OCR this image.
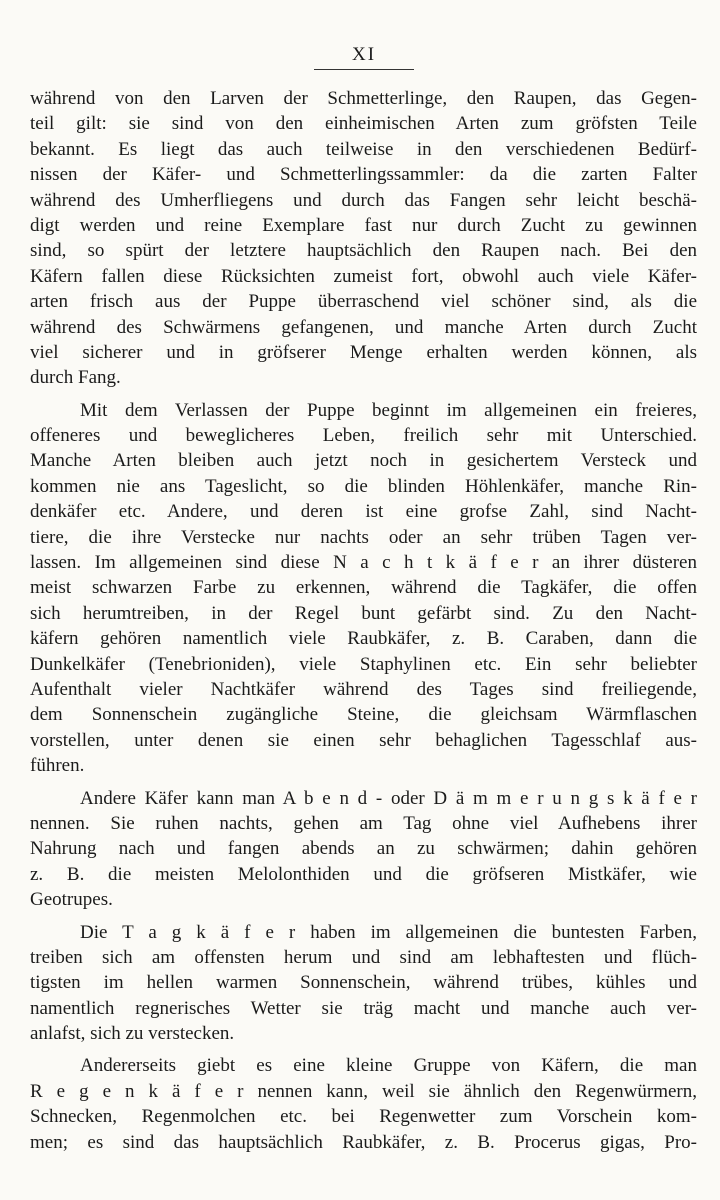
XI
während von den Larven der Schmetterlinge, den Raupen, das Gegen-
teil gilt: sie sind von den einheimischen Arten zum gröfsten Teile
bekannt. Es liegt das auch teilweise in den verschiedenen Bedürf-
nissen der Käfer- und Schmetterlingssammler: da die zarten Falter
während des Umherfliegens und durch das Fangen sehr leicht beschä-
digt werden und reine Exemplare fast nur durch Zucht zu gewinnen
sind, so spürt der letztere hauptsächlich den Raupen nach. Bei den
Käfern fallen diese Rücksichten zumeist fort, obwohl auch viele Käfer-
arten frisch aus der Puppe überraschend viel schöner sind, als die
während des Schwärmens gefangenen, und manche Arten durch Zucht
viel sicherer und in gröfserer Menge erhalten werden können, als
durch Fang.
Mit dem Verlassen der Puppe beginnt im allgemeinen ein freieres,
offeneres und beweglicheres Leben, freilich sehr mit Unterschied.
Manche Arten bleiben auch jetzt noch in gesichertem Versteck und
kommen nie ans Tageslicht, so die blinden Höhlenkäfer, manche Rin-
denkäfer etc. Andere, und deren ist eine grofse Zahl, sind Nacht-
tiere, die ihre Verstecke nur nachts oder an sehr trüben Tagen ver-
lassen. Im allgemeinen sind diese N a c h t k ä f e r an ihrer düsteren
meist schwarzen Farbe zu erkennen, während die Tagkäfer, die offen
sich herumtreiben, in der Regel bunt gefärbt sind. Zu den Nacht-
käfern gehören namentlich viele Raubkäfer, z. B. Caraben, dann die
Dunkelkäfer (Tenebrioniden), viele Staphylinen etc. Ein sehr beliebter
Aufenthalt vieler Nachtkäfer während des Tages sind freiliegende,
dem Sonnenschein zugängliche Steine, die gleichsam Wärmflaschen
vorstellen, unter denen sie einen sehr behaglichen Tagesschlaf aus-
führen.
Andere Käfer kann man A b e n d - oder D ä m m e r u n g s k ä f e r
nennen. Sie ruhen nachts, gehen am Tag ohne viel Aufhebens ihrer
Nahrung nach und fangen abends an zu schwärmen; dahin gehören
z. B. die meisten Melolonthiden und die gröfseren Mistkäfer, wie
Geotrupes.
Die T a g k ä f e r haben im allgemeinen die buntesten Farben,
treiben sich am offensten herum und sind am lebhaftesten und flüch-
tigsten im hellen warmen Sonnenschein, während trübes, kühles und
namentlich regnerisches Wetter sie träg macht und manche auch ver-
anlafst, sich zu verstecken.
Andererseits giebt es eine kleine Gruppe von Käfern, die man
R e g e n k ä f e r nennen kann, weil sie ähnlich den Regenwürmern,
Schnecken, Regenmolchen etc. bei Regenwetter zum Vorschein kom-
men; es sind das hauptsächlich Raubkäfer, z. B. Procerus gigas, Pro-
